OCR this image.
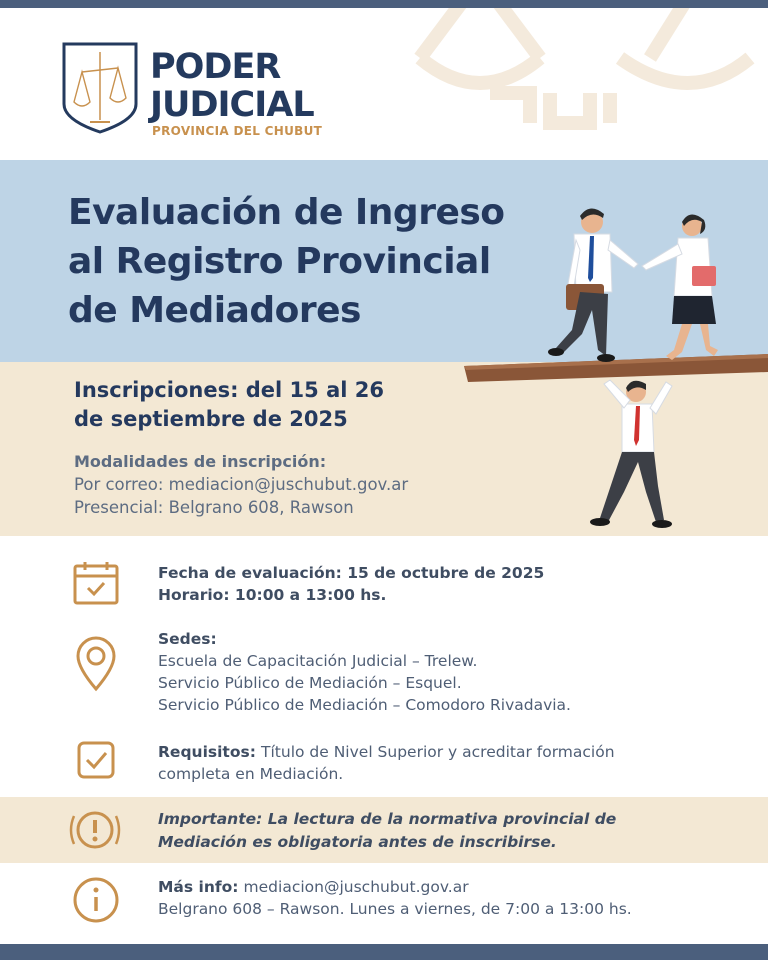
PODER
JUDICIAL
PROVINCIA DEL CHUBUT
Evaluación de Ingreso
al Registro Provincial
de Mediadores
Inscripciones: del 15 al 26
de septiembre de 2025
Modalidades de inscripción:
Por correo: mediacion@juschubut.gov.ar
Presencial: Belgrano 608, Rawson
Fecha de evaluación: 15 de octubre de 2025
Horario: 10:00 a 13:00 hs.
Sedes:
Escuela de Capacitación Judicial – Trelew.
Servicio Público de Mediación – Esquel.
Servicio Público de Mediación – Comodoro Rivadavia.
Requisitos: Título de Nivel Superior y acreditar formación
completa en Mediación.
Importante: La lectura de la normativa provincial de
Mediación es obligatoria antes de inscribirse.
Más info: mediacion@juschubut.gov.ar
Belgrano 608 – Rawson. Lunes a viernes, de 7:00 a 13:00 hs.
